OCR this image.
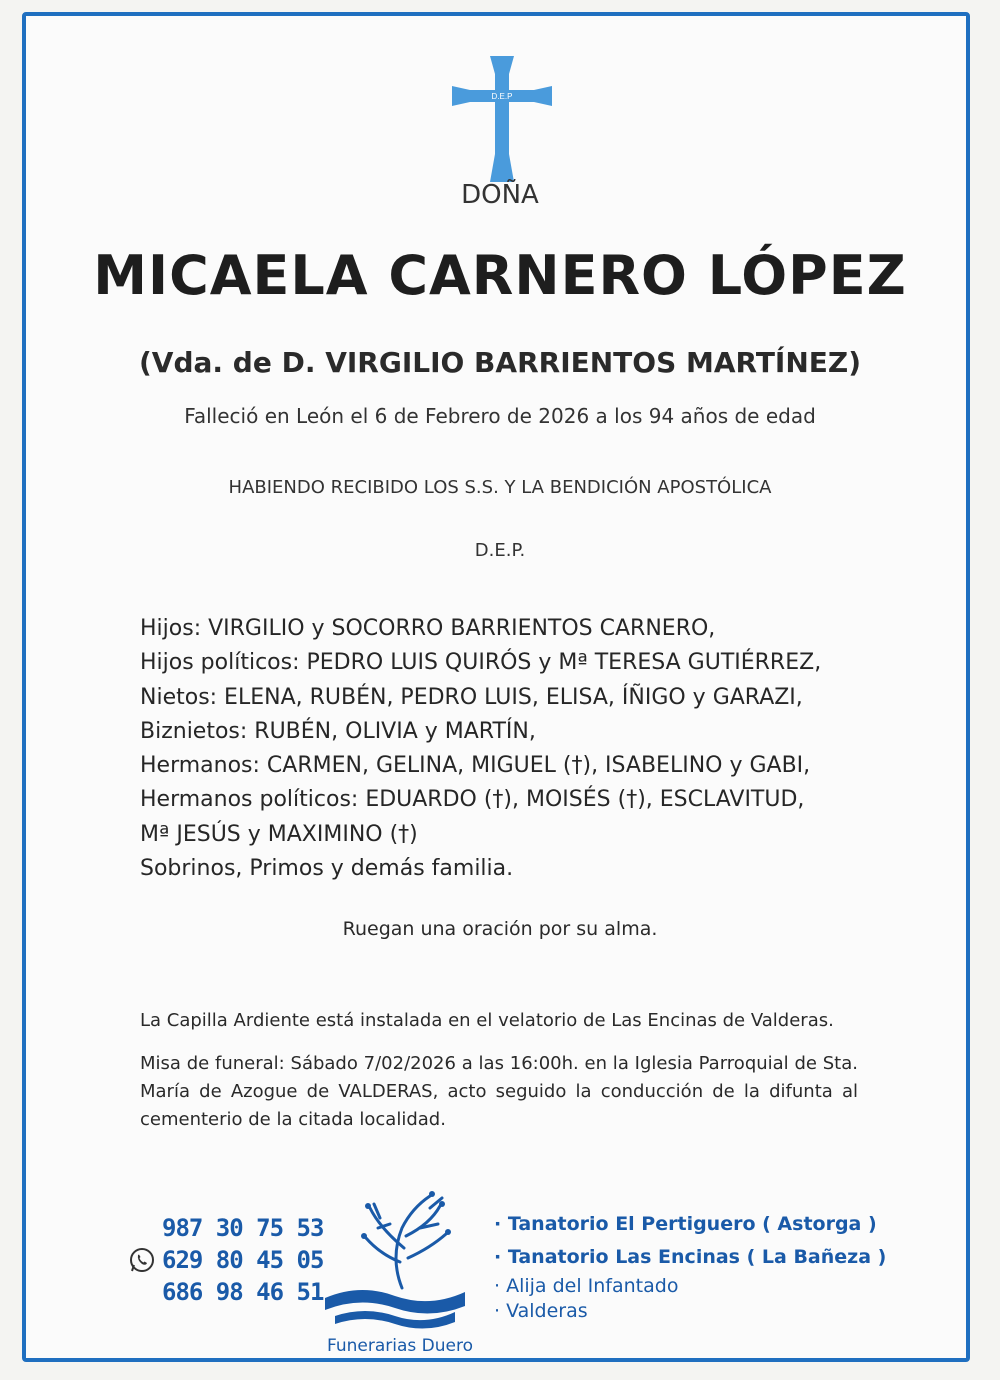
D.E.P
DOÑA
MICAELA CARNERO LÓPEZ
(Vda. de D. VIRGILIO BARRIENTOS MARTÍNEZ)
Falleció en León el 6 de Febrero de 2026 a los 94 años de edad
HABIENDO RECIBIDO LOS S.S. Y LA BENDICIÓN APOSTÓLICA
D.E.P.
Hijos: VIRGILIO y SOCORRO BARRIENTOS CARNERO,
Hijos políticos: PEDRO LUIS QUIRÓS y Mª TERESA GUTIÉRREZ,
Nietos: ELENA, RUBÉN, PEDRO LUIS, ELISA, ÍÑIGO y GARAZI,
Biznietos: RUBÉN, OLIVIA y MARTÍN,
Hermanos: CARMEN, GELINA, MIGUEL (†), ISABELINO y GABI,
Hermanos políticos: EDUARDO (†), MOISÉS (†), ESCLAVITUD,
Mª JESÚS y MAXIMINO (†)
Sobrinos, Primos y demás familia.
Ruegan una oración por su alma.
La Capilla Ardiente está instalada en el velatorio de Las Encinas de Valderas.
Misa de funeral: Sábado 7/02/2026 a las 16:00h. en la Iglesia Parroquial de Sta. María de Azogue de VALDERAS, acto seguido la conducción de la difunta al cementerio de la citada localidad.
987 30 75 53
629 80 45 05
686 98 46 51
Funerarias Duero
· Tanatorio El Pertiguero ( Astorga )
· Tanatorio Las Encinas ( La Bañeza )
· Alija del Infantado
· Valderas
